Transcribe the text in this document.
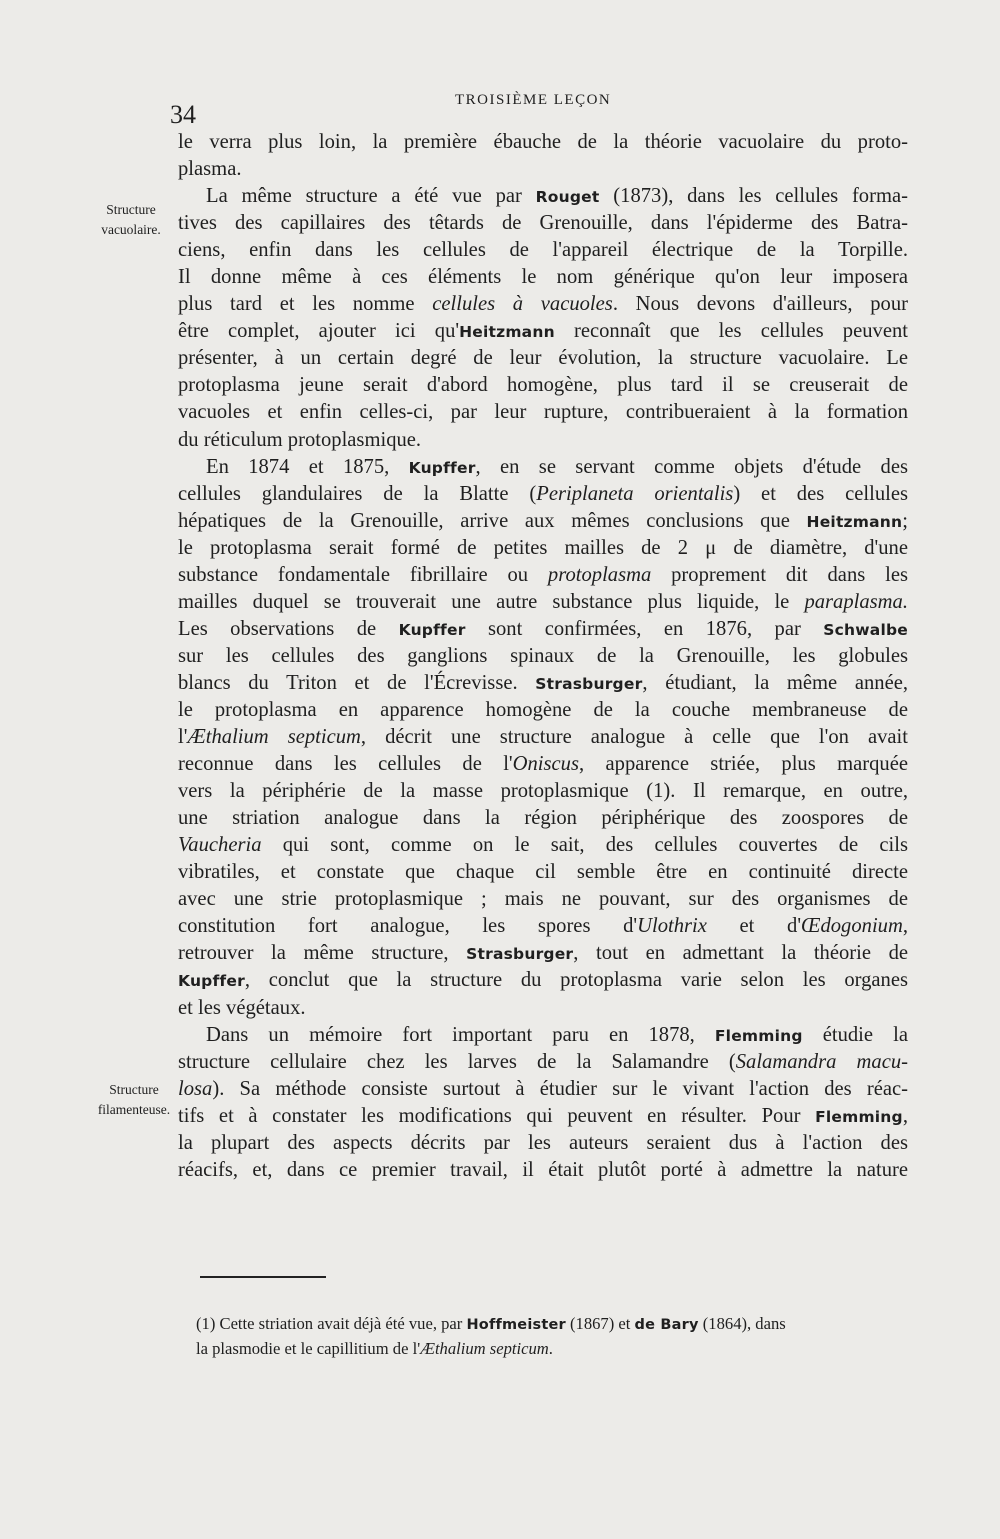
34	TROISIÈME LEÇON
Structure
vacuolaire.
Structure
filamenteuse.
le verra plus loin, la première ébauche de la théorie vacuolaire du proto-
plasma.
La même structure a été vue par Rouget (1873), dans les cellules forma-
tives des capillaires des têtards de Grenouille, dans l'épiderme des Batra-
ciens, enfin dans les cellules de l'appareil électrique de la Torpille.
Il donne même à ces éléments le nom générique qu'on leur imposera
plus tard et les nomme cellules à vacuoles. Nous devons d'ailleurs, pour
être complet, ajouter ici qu'Heitzmann reconnaît que les cellules peuvent
présenter, à un certain degré de leur évolution, la structure vacuolaire. Le
protoplasma jeune serait d'abord homogène, plus tard il se creuserait de
vacuoles et enfin celles-ci, par leur rupture, contribueraient à la formation
du réticulum protoplasmique.
En 1874 et 1875, Kupffer, en se servant comme objets d'étude des
cellules glandulaires de la Blatte (Periplaneta orientalis) et des cellules
hépatiques de la Grenouille, arrive aux mêmes conclusions que Heitzmann;
le protoplasma serait formé de petites mailles de 2 μ de diamètre, d'une
substance fondamentale fibrillaire ou protoplasma proprement dit dans les
mailles duquel se trouverait une autre substance plus liquide, le paraplasma.
Les observations de Kupffer sont confirmées, en 1876, par Schwalbe
sur les cellules des ganglions spinaux de la Grenouille, les globules
blancs du Triton et de l'Écrevisse. Strasburger, étudiant, la même année,
le protoplasma en apparence homogène de la couche membraneuse de
l'Æthalium septicum, décrit une structure analogue à celle que l'on avait
reconnue dans les cellules de l'Oniscus, apparence striée, plus marquée
vers la périphérie de la masse protoplasmique (1). Il remarque, en outre,
une striation analogue dans la région périphérique des zoospores de
Vaucheria qui sont, comme on le sait, des cellules couvertes de cils
vibratiles, et constate que chaque cil semble être en continuité directe
avec une strie protoplasmique ; mais ne pouvant, sur des organismes de
constitution fort analogue, les spores d'Ulothrix et d'Œdogonium,
retrouver la même structure, Strasburger, tout en admettant la théorie de
Kupffer, conclut que la structure du protoplasma varie selon les organes
et les végétaux.
Dans un mémoire fort important paru en 1878, Flemming étudie la
structure cellulaire chez les larves de la Salamandre (Salamandra macu-
losa). Sa méthode consiste surtout à étudier sur le vivant l'action des réac-
tifs et à constater les modifications qui peuvent en résulter. Pour Flemming,
la plupart des aspects décrits par les auteurs seraient dus à l'action des
réacifs, et, dans ce premier travail, il était plutôt porté à admettre la nature
(1) Cette striation avait déjà été vue, par Hoffmeister (1867) et de Bary (1864), dans
la plasmodie et le capillitium de l'Æthalium septicum.
